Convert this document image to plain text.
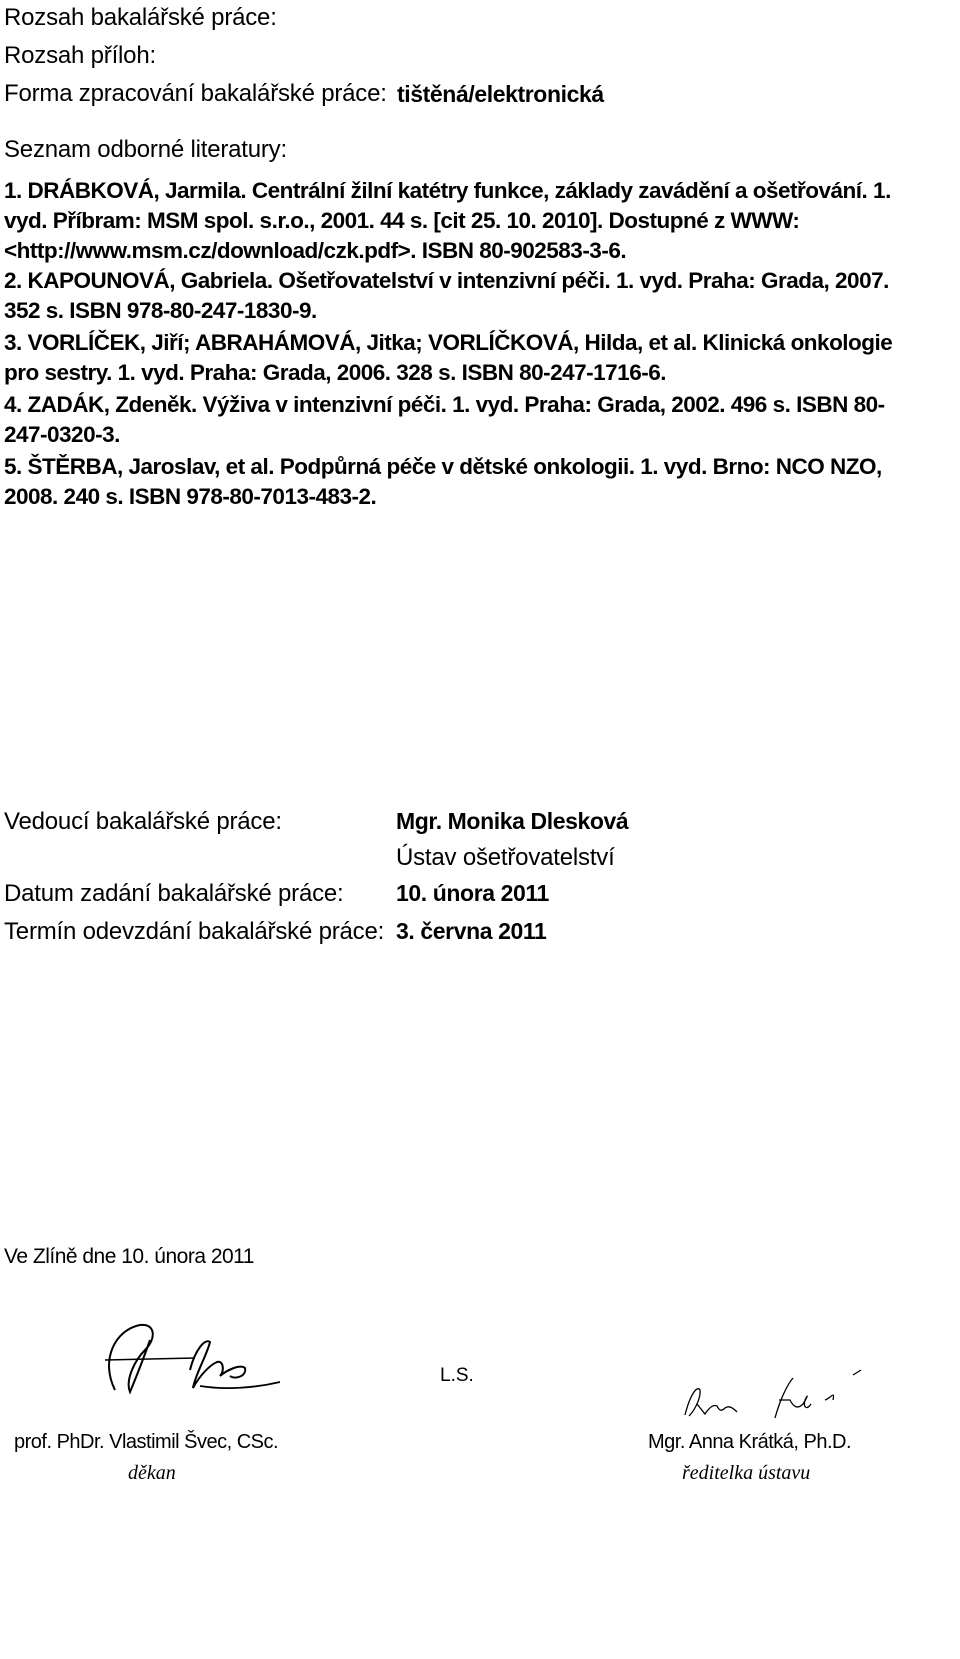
Rozsah bakalářské práce:
Rozsah příloh:
Forma zpracování bakalářské práce: tištěná/elektronická
Seznam odborné literatury:
1. DRÁBKOVÁ, Jarmila. Centrální žilní katétry funkce, základy zavádění a ošetřování. 1. vyd. Příbram: MSM spol. s.r.o., 2001. 44 s. [cit 25. 10. 2010]. Dostupné z WWW: <http://www.msm.cz/download/czk.pdf>. ISBN 80-902583-3-6.
2. KAPOUNOVÁ, Gabriela. Ošetřovatelství v intenzivní péči. 1. vyd. Praha: Grada, 2007. 352 s. ISBN 978-80-247-1830-9.
3. VORLÍČEK, Jiří; ABRAHÁMOVÁ, Jitka; VORLÍČKOVÁ, Hilda, et al. Klinická onkologie pro sestry. 1. vyd. Praha: Grada, 2006. 328 s. ISBN 80-247-1716-6.
4. ZADÁK, Zdeněk. Výživa v intenzivní péči. 1. vyd. Praha: Grada, 2002. 496 s. ISBN 80-247-0320-3.
5. ŠTĚRBA, Jaroslav, et al. Podpůrná péče v dětské onkologii. 1. vyd. Brno: NCO NZO, 2008. 240 s. ISBN 978-80-7013-483-2.
Vedoucí bakalářské práce:	Mgr. Monika Dlesková
Ústav ošetřovatelství
Datum zadání bakalářské práce: 10. února 2011
Termín odevzdání bakalářské práce: 3. června 2011
Ve Zlíně dne 10. února 2011
L.S.
prof. PhDr. Vlastimil Švec, CSc.
děkan
Mgr. Anna Krátká, Ph.D.
ředitelka ústavu
